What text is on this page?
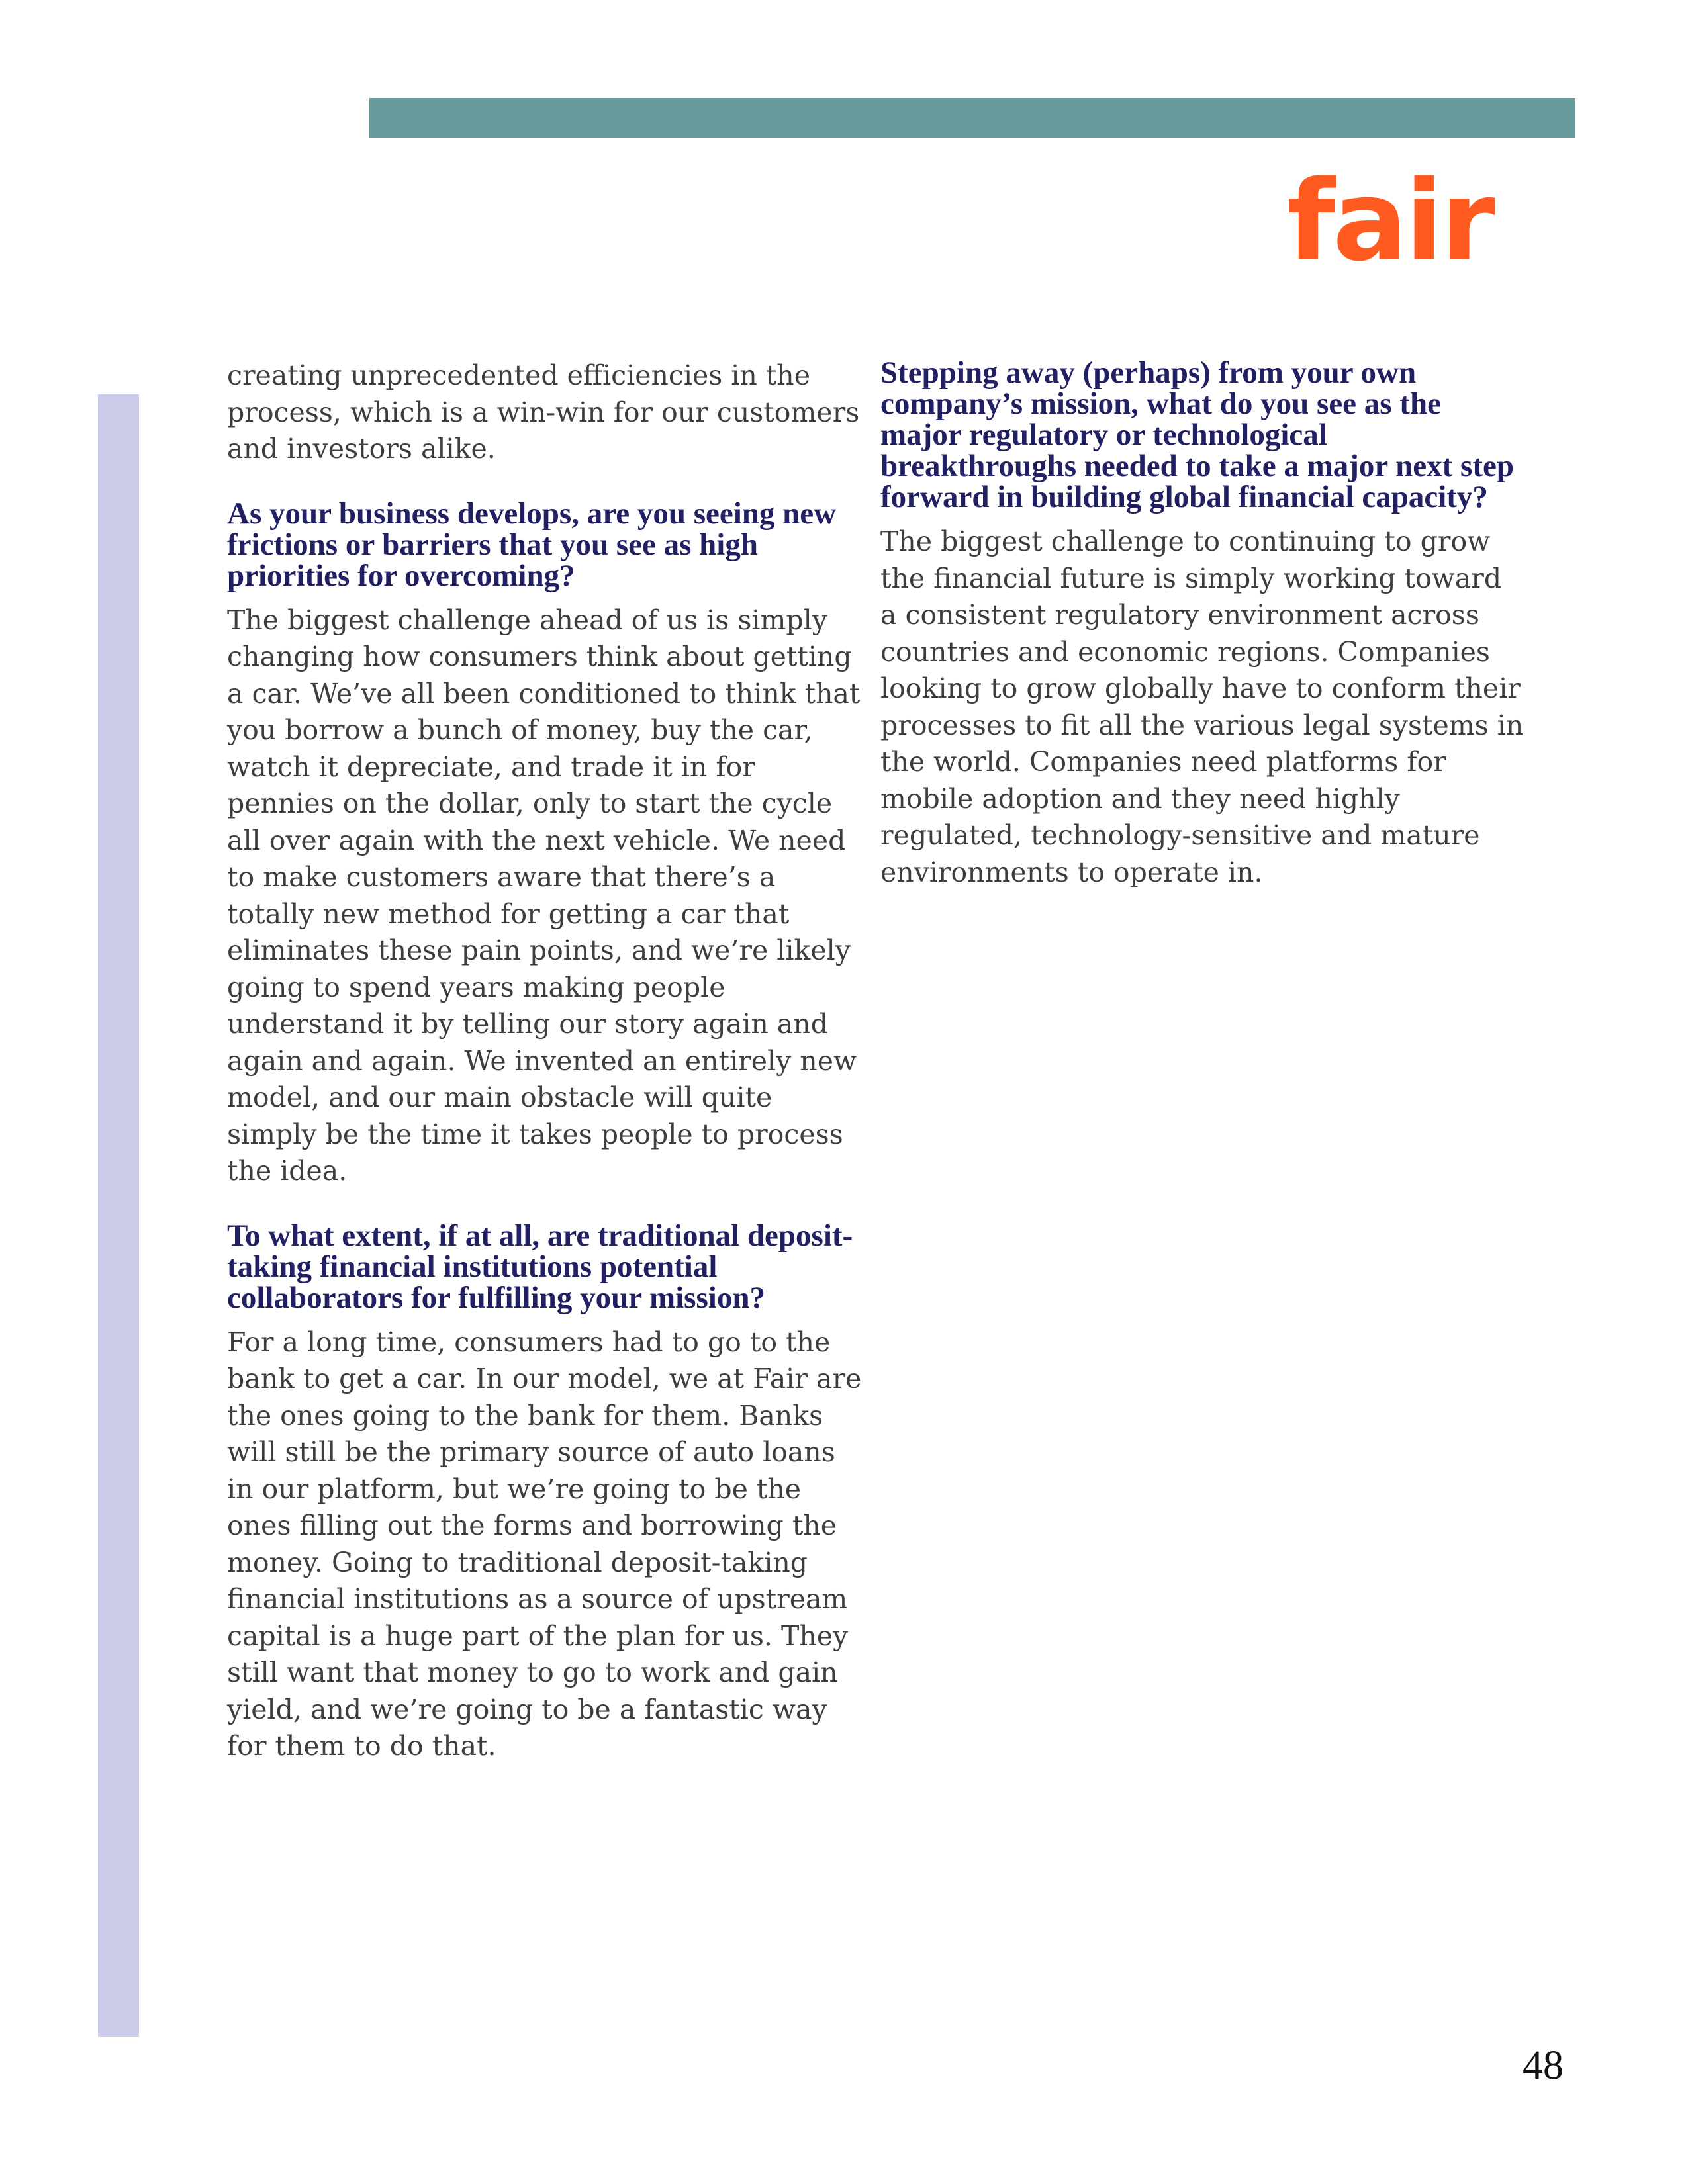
fair

creating unprecedented efficiencies in the process, which is a win-win for our customers and investors alike.

As your business develops, are you seeing new frictions or barriers that you see as high priorities for overcoming?

The biggest challenge ahead of us is simply changing how consumers think about getting a car. We’ve all been conditioned to think that you borrow a bunch of money, buy the car, watch it depreciate, and trade it in for pennies on the dollar, only to start the cycle all over again with the next vehicle. We need to make customers aware that there’s a totally new method for getting a car that eliminates these pain points, and we’re likely going to spend years making people understand it by telling our story again and again and again. We invented an entirely new model, and our main obstacle will quite simply be the time it takes people to process the idea.

To what extent, if at all, are traditional deposit-taking financial institutions potential collaborators for fulfilling your mission?

For a long time, consumers had to go to the bank to get a car. In our model, we at Fair are the ones going to the bank for them. Banks will still be the primary source of auto loans in our platform, but we’re going to be the ones filling out the forms and borrowing the money. Going to traditional deposit-taking financial institutions as a source of upstream capital is a huge part of the plan for us. They still want that money to go to work and gain yield, and we’re going to be a fantastic way for them to do that.

Stepping away (perhaps) from your own company’s mission, what do you see as the major regulatory or technological breakthroughs needed to take a major next step forward in building global financial capacity?

The biggest challenge to continuing to grow the financial future is simply working toward a consistent regulatory environment across countries and economic regions. Companies looking to grow globally have to conform their processes to fit all the various legal systems in the world. Companies need platforms for mobile adoption and they need highly regulated, technology-sensitive and mature environments to operate in.

48
